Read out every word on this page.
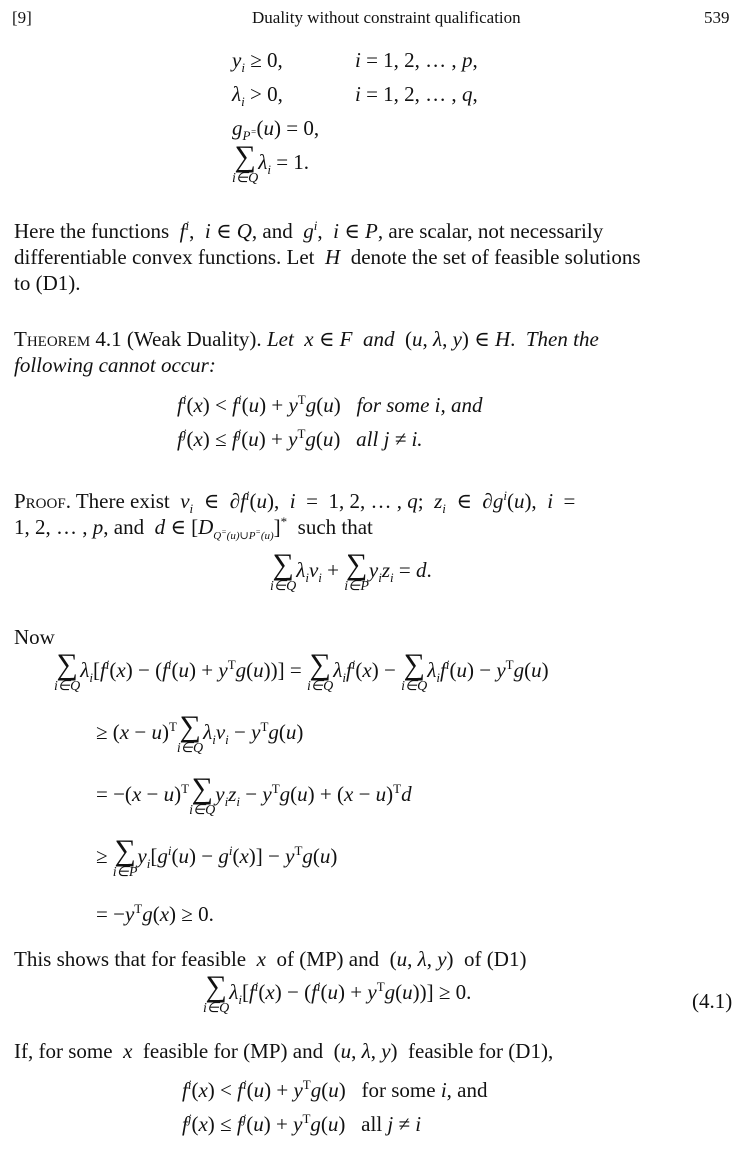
[9]	Duality without constraint qualification	539
$y_i \ge 0$,	i = 1, 2, … , p,
$\lambda_i > 0$,	i = 1, 2, … , q,
$g_{P^=}(u) = 0$,
∑
i∈Q
$\lambda_i = 1$.
Here the functions  $f^i$,  i ∈ Q, and  $g^i$,  i ∈ P, are scalar, not necessarily
differentiable convex functions. Let  H  denote the set of feasible solutions
to (D1).
Theorem 4.1 (Weak Duality). Let  x ∈ F  and  (u, λ, y) ∈ H.  Then the
following cannot occur:
$f^i(x) < f^i(u) + y^Tg(u)$ for some i, and
$f^j(x) \le f^j(u) + y^Tg(u)$ all j ≠ i.
Proof. There exist  $v_i$  ∈  $\partial f^i(u)$,  i  =  1, 2, … , q;  $z_i$  ∈  $\partial g^i(u)$,  i  =
1, 2, … , p, and  d ∈ $[D_{Q^=(u)\cup P^=(u)}]^*$  such that
∑
i∈Q
$\lambda_iv_i$ + ∑
i∈P
$y_iz_i = d$.
Now
∑
i∈Q
$\lambda_i[f^i(x) - (f^i(u) + y^Tg(u))]$ = ∑
i∈Q
$\lambda_if^i(x)$ − ∑
i∈Q
$\lambda_if^i(u) - y^Tg(u)$
≥ $(x - u)^T$ ∑
i∈Q
$\lambda_iv_i - y^Tg(u)$
= $-(x - u)^T$ ∑
i∈Q
$y_iz_i - y^Tg(u) + (x - u)^Td$
≥ ∑
i∈P
$y_i[g^i(u) - g^i(x)] - y^Tg(u)$
= $-y^Tg(x) \ge 0$.
This shows that for feasible  x  of (MP) and  (u, λ, y)  of (D1)
∑
i∈Q
$\lambda_i[f^i(x) - (f^i(u) + y^Tg(u))] \ge 0$.	(4.1)
If, for some  x  feasible for (MP) and  (u, λ, y)  feasible for (D1),
$f^i(x) < f^i(u) + y^Tg(u)$ for some i, and
$f^j(x) \le f^j(u) + y^Tg(u)$ all j ≠ i
